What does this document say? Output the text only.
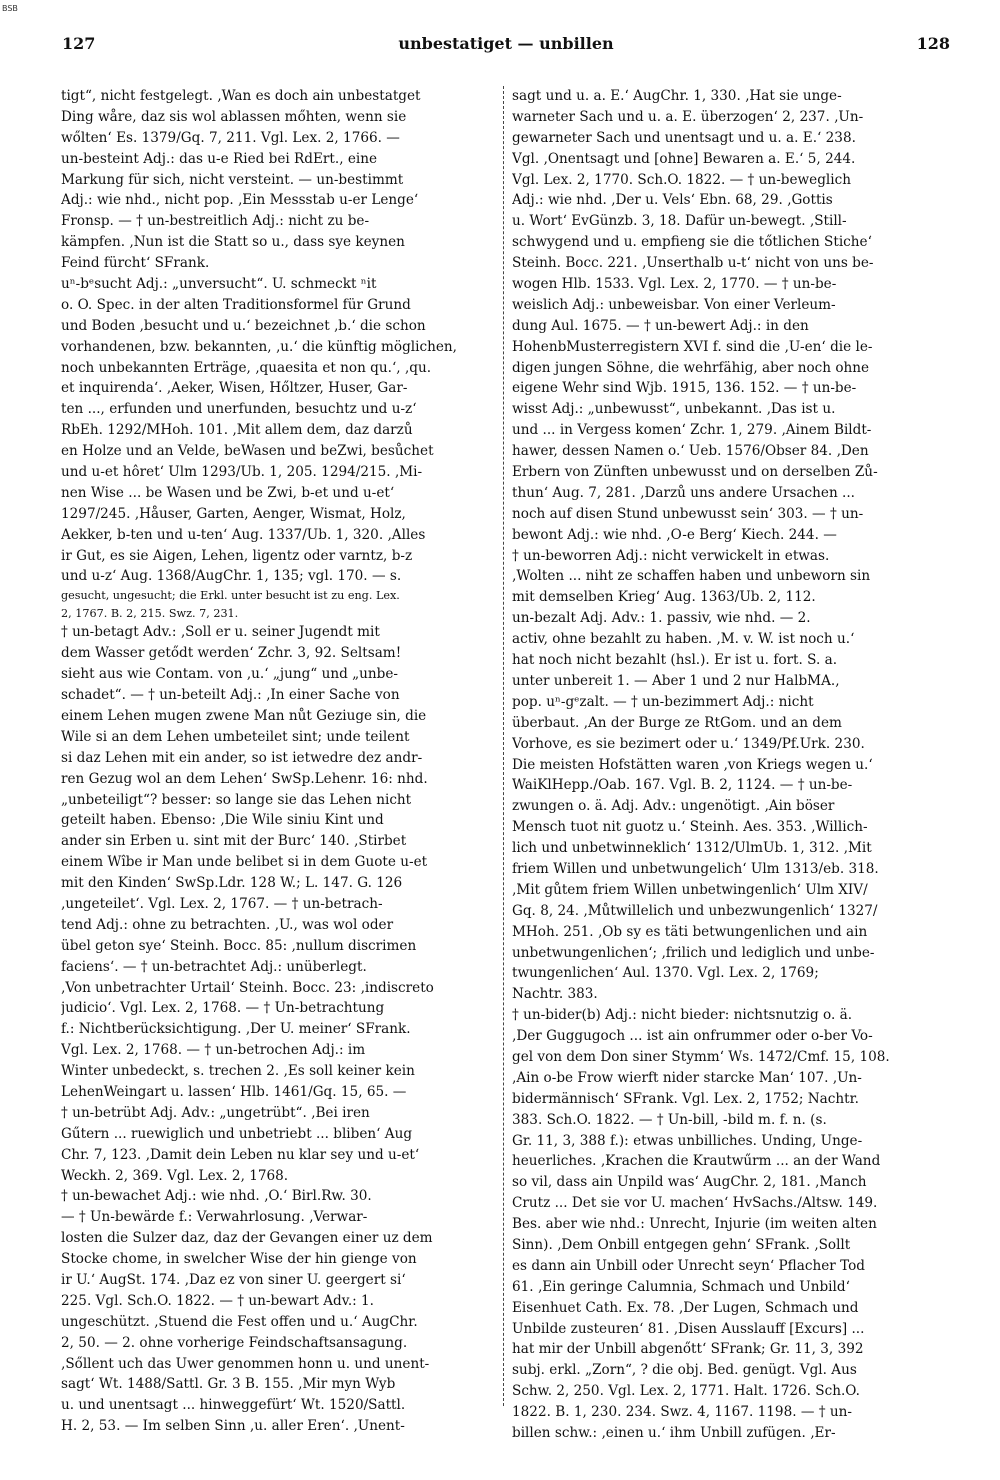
BSB
127	unbestatiget — unbillen	128
tigt“, nicht festgelegt. ‚Wan es doch ain unbestatget
Ding wåre, daz sis wol ablassen mőhten, wenn sie
wőlten‘ Es. 1379/Gq. 7, 211. Vgl. Lex. 2, 1766. —
un-besteint Adj.: das u-e Ried bei RdErt., eine
Markung für sich, nicht versteint. — un-bestimmt
Adj.: wie nhd., nicht pop. ‚Ein Messstab u-er Lenge‘
Fronsp. — † un-bestreitlich Adj.: nicht zu be-
kämpfen. ‚Nun ist die Statt so u., dass sye keynen
Feind fürcht‘ SFrank.
uⁿ-bᵉsucht Adj.: „unversucht“. U. schmeckt ⁿit
o. O. Spec. in der alten Traditionsformel für Grund
und Boden ‚besucht und u.‘ bezeichnet ‚b.‘ die schon
vorhandenen, bzw. bekannten, ‚u.‘ die künftig möglichen,
noch unbekannten Erträge, ‚quaesita et non qu.‘, ‚qu.
et inquirenda‘. ‚Aeker, Wisen, Hőltzer, Huser, Gar-
ten ..., erfunden und unerfunden, besuchtz und u-z‘
RbEh. 1292/MHoh. 101. ‚Mit allem dem, daz darzů
en Holze und an Velde, beWasen und beZwi, besůchet
und u-et hôret‘ Ulm 1293/Ub. 1, 205. 1294/215. ‚Mi-
nen Wise ... be Wasen und be Zwi, b-et und u-et‘
1297/245. ‚Håuser, Garten, Aenger, Wismat, Holz,
Aekker, b-ten und u-ten‘ Aug. 1337/Ub. 1, 320. ‚Alles
ir Gut, es sie Aigen, Lehen, ligentz oder varntz, b-z
und u-z‘ Aug. 1368/AugChr. 1, 135; vgl. 170. — s.
gesucht, ungesucht; die Erkl. unter besucht ist zu eng. Lex.
2, 1767. B. 2, 215. Swz. 7, 231.
† un-betagt Adv.: ‚Soll er u. seiner Jugendt mit
dem Wasser getődt werden‘ Zchr. 3, 92. Seltsam!
sieht aus wie Contam. von ‚u.‘ „jung“ und „unbe-
schadet“. — † un-beteilt Adj.: ‚In einer Sache von
einem Lehen mugen zwene Man nůt Geziuge sin, die
Wile si an dem Lehen umbeteilet sint; unde teilent
si daz Lehen mit ein ander, so ist ietwedre dez andr-
ren Gezug wol an dem Lehen‘ SwSp.Lehenr. 16: nhd.
„unbeteiligt“? besser: so lange sie das Lehen nicht
geteilt haben. Ebenso: ‚Die Wile siniu Kint und
ander sin Erben u. sint mit der Burc‘ 140. ‚Stirbet
einem Wîbe ir Man unde belibet si in dem Guote u-et
mit den Kinden‘ SwSp.Ldr. 128 W.; L. 147. G. 126
‚ungeteilet‘. Vgl. Lex. 2, 1767. — † un-betrach-
tend Adj.: ohne zu betrachten. ‚U., was wol oder
übel geton sye‘ Steinh. Bocc. 85: ‚nullum discrimen
faciens‘. — † un-betrachtet Adj.: unüberlegt.
‚Von unbetrachter Urtail‘ Steinh. Bocc. 23: ‚indiscreto
judicio‘. Vgl. Lex. 2, 1768. — † Un-betrachtung
f.: Nichtberücksichtigung. ‚Der U. meiner‘ SFrank.
Vgl. Lex. 2, 1768. — † un-betrochen Adj.: im
Winter unbedeckt, s. trechen 2. ‚Es soll keiner kein
LehenWeingart u. lassen‘ Hlb. 1461/Gq. 15, 65. —
† un-betrübt Adj. Adv.: „ungetrübt“. ‚Bei iren
Gűtern ... ruewiglich und unbetriebt ... bliben‘ Aug
Chr. 7, 123. ‚Damit dein Leben nu klar sey und u-et‘
Weckh. 2, 369. Vgl. Lex. 2, 1768.
† un-bewachet Adj.: wie nhd. ‚O.‘ Birl.Rw. 30.
— † Un-bewärde f.: Verwahrlosung. ‚Verwar-
losten die Sulzer daz, daz der Gevangen einer uz dem
Stocke chome, in swelcher Wise der hin gienge von
ir U.‘ AugSt. 174. ‚Daz ez von siner U. geergert si‘
225. Vgl. Sch.O. 1822. — † un-bewart Adv.: 1.
ungeschützt. ‚Stuend die Fest offen und u.‘ AugChr.
2, 50. — 2. ohne vorherige Feindschaftsansagung.
‚Sőllent uch das Uwer genommen honn u. und unent-
sagt‘ Wt. 1488/Sattl. Gr. 3 B. 155. ‚Mir myn Wyb
u. und unentsagt ... hinweggefürt‘ Wt. 1520/Sattl.
H. 2, 53. — Im selben Sinn ‚u. aller Eren‘. ‚Unent-
sagt und u. a. E.‘ AugChr. 1, 330. ‚Hat sie unge-
warneter Sach und u. a. E. überzogen‘ 2, 237. ‚Un-
gewarneter Sach und unentsagt und u. a. E.‘ 238.
Vgl. ‚Onentsagt und [ohne] Bewaren a. E.‘ 5, 244.
Vgl. Lex. 2, 1770. Sch.O. 1822. — † un-beweglich
Adj.: wie nhd. ‚Der u. Vels‘ Ebn. 68, 29. ‚Gottis
u. Wort‘ EvGünzb. 3, 18. Dafür un-bewegt. ‚Still-
schwygend und u. empfieng sie die tőtlichen Stiche‘
Steinh. Bocc. 221. ‚Unserthalb u-t‘ nicht von uns be-
wogen Hlb. 1533. Vgl. Lex. 2, 1770. — † un-be-
weislich Adj.: unbeweisbar. Von einer Verleum-
dung Aul. 1675. — † un-bewert Adj.: in den
HohenbMusterregistern XVI f. sind die ‚U-en‘ die le-
digen jungen Söhne, die wehrfähig, aber noch ohne
eigene Wehr sind Wjb. 1915, 136. 152. — † un-be-
wisst Adj.: „unbewusst“, unbekannt. ‚Das ist u.
und ... in Vergess komen‘ Zchr. 1, 279. ‚Ainem Bildt-
hawer, dessen Namen o.‘ Ueb. 1576/Obser 84. ‚Den
Erbern von Zünften unbewusst und on derselben Zů-
thun‘ Aug. 7, 281. ‚Darzů uns andere Ursachen ...
noch auf disen Stund unbewusst sein‘ 303. — † un-
bewont Adj.: wie nhd. ‚O-e Berg‘ Kiech. 244. —
† un-beworren Adj.: nicht verwickelt in etwas.
‚Wolten ... niht ze schaffen haben und unbeworn sin
mit demselben Krieg‘ Aug. 1363/Ub. 2, 112.
un-bezalt Adj. Adv.: 1. passiv, wie nhd. — 2.
activ, ohne bezahlt zu haben. ‚M. v. W. ist noch u.‘
hat noch nicht bezahlt (hsl.). Er ist u. fort. S. a.
unter unbereit 1. — Aber 1 und 2 nur HalbMA.,
pop. uⁿ-gᵉzalt. — † un-bezimmert Adj.: nicht
überbaut. ‚An der Burge ze RtGom. und an dem
Vorhove, es sie bezimert oder u.‘ 1349/Pf.Urk. 230.
Die meisten Hofstätten waren ‚von Kriegs wegen u.‘
WaiKlHepp./Oab. 167. Vgl. B. 2, 1124. — † un-be-
zwungen o. ä. Adj. Adv.: ungenötigt. ‚Ain böser
Mensch tuot nit guotz u.‘ Steinh. Aes. 353. ‚Willich-
lich und unbetwinneklich‘ 1312/UlmUb. 1, 312. ‚Mit
friem Willen und unbetwungelich‘ Ulm 1313/eb. 318.
‚Mit gůtem friem Willen unbetwingenlich‘ Ulm XIV/
Gq. 8, 24. ‚Můtwillelich und unbezwungenlich‘ 1327/
MHoh. 251. ‚Ob sy es täti betwungenlichen und ain
unbetwungenlichen‘; ‚frilich und lediglich und unbe-
twungenlichen‘ Aul. 1370. Vgl. Lex. 2, 1769;
Nachtr. 383.
† un-bider(b) Adj.: nicht bieder: nichtsnutzig o. ä.
‚Der Guggugoch ... ist ain onfrummer oder o-ber Vo-
gel von dem Don siner Stymm‘ Ws. 1472/Cmf. 15, 108.
‚Ain o-be Frow wierft nider starcke Man‘ 107. ‚Un-
bidermännisch‘ SFrank. Vgl. Lex. 2, 1752; Nachtr.
383. Sch.O. 1822. — † Un-bill, -bild m. f. n. (s.
Gr. 11, 3, 388 f.): etwas unbilliches. Unding, Unge-
heuerliches. ‚Krachen die Krautwűrm ... an der Wand
so vil, dass ain Unpild was‘ AugChr. 2, 181. ‚Manch
Crutz ... Det sie vor U. machen‘ HvSachs./Altsw. 149.
Bes. aber wie nhd.: Unrecht, Injurie (im weiten alten
Sinn). ‚Dem Onbill entgegen gehn‘ SFrank. ‚Sollt
es dann ain Unbill oder Unrecht seyn‘ Pflacher Tod
61. ‚Ein geringe Calumnia, Schmach und Unbild‘
Eisenhuet Cath. Ex. 78. ‚Der Lugen, Schmach und
Unbilde zusteuren‘ 81. ‚Disen Ausslauff [Excurs] ...
hat mir der Unbill abgenőtt‘ SFrank; Gr. 11, 3, 392
subj. erkl. „Zorn“, ? die obj. Bed. genügt. Vgl. Aus
Schw. 2, 250. Vgl. Lex. 2, 1771. Halt. 1726. Sch.O.
1822. B. 1, 230. 234. Swz. 4, 1167. 1198. — † un-
billen schw.: ‚einen u.‘ ihm Unbill zufügen. ‚Er-
